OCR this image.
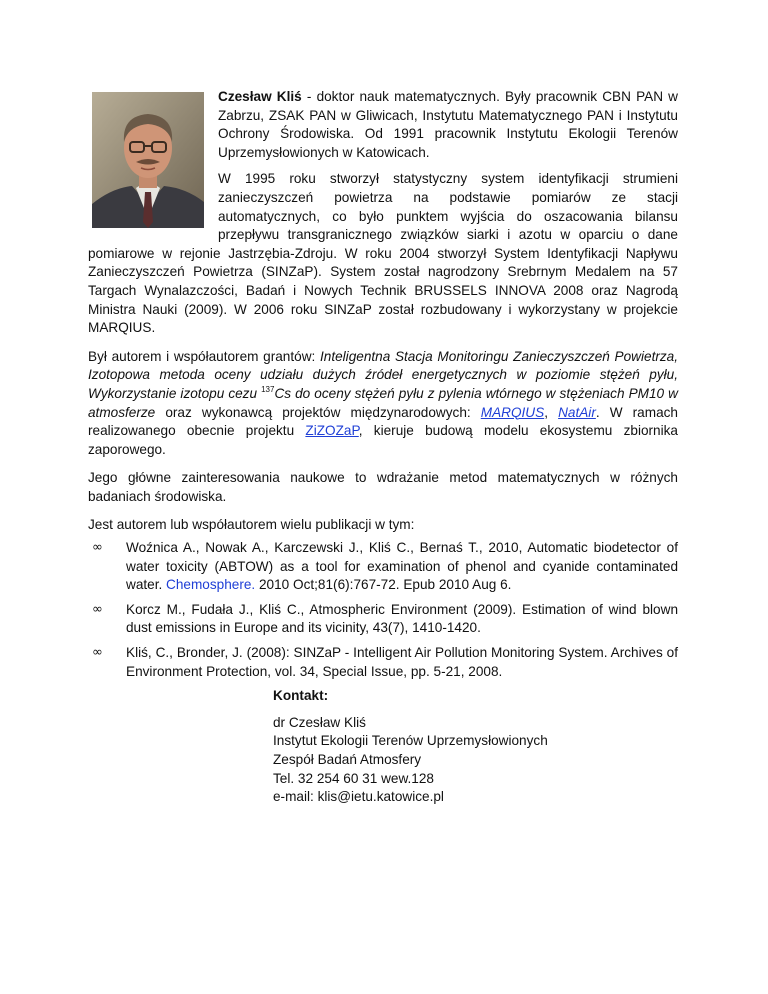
Czesław Kliś - doktor nauk matematycznych. Były pracownik CBN PAN w Zabrzu, ZSAK PAN w Gliwicach, Instytutu Matematycznego PAN i Instytutu Ochrony Środowiska. Od 1991 pracownik Instytutu Ekologii Terenów Uprzemysłowionych w Katowicach.

W 1995 roku stworzył statystyczny system identyfikacji strumieni zanieczyszczeń powietrza na podstawie pomiarów ze stacji automatycznych, co było punktem wyjścia do oszacowania bilansu przepływu transgranicznego związków siarki i azotu w oparciu o dane pomiarowe w rejonie Jastrzębia-Zdroju. W roku 2004 stworzył System Identyfikacji Napływu Zanieczyszczeń Powietrza (SINZaP). System został nagrodzony Srebrnym Medalem na 57 Targach Wynalazczości, Badań i Nowych Technik BRUSSELS INNOVA 2008 oraz Nagrodą Ministra Nauki (2009). W 2006 roku SINZaP został rozbudowany i wykorzystany w projekcie MARQIUS.

Był autorem i współautorem grantów: Inteligentna Stacja Monitoringu Zanieczyszczeń Powietrza, Izotopowa metoda oceny udziału dużych źródeł energetycznych w poziomie stężeń pyłu, Wykorzystanie izotopu cezu $^{137}$Cs do oceny stężeń pyłu z pylenia wtórnego w stężeniach PM10 w atmosferze oraz wykonawcą projektów międzynarodowych: MARQIUS, NatAir. W ramach realizowanego obecnie projektu ZiZOZaP, kieruje budową modelu ekosystemu zbiornika zaporowego.

Jego główne zainteresowania naukowe to wdrażanie metod matematycznych w różnych badaniach środowiska.

Jest autorem lub współautorem wielu publikacji w tym:

∞ Woźnica A., Nowak A., Karczewski J., Kliś C., Bernaś T., 2010, Automatic biodetector of water toxicity (ABTOW) as a tool for examination of phenol and cyanide contaminated water. Chemosphere. 2010 Oct;81(6):767-72. Epub 2010 Aug 6.
∞ Korcz M., Fudała J., Kliś C., Atmospheric Environment (2009). Estimation of wind blown dust emissions in Europe and its vicinity, 43(7), 1410-1420.
∞ Kliś, C., Bronder, J. (2008): SINZaP - Intelligent Air Pollution Monitoring System. Archives of Environment Protection, vol. 34, Special Issue, pp. 5-21, 2008.
Kontakt:
dr Czesław Kliś
Instytut Ekologii Terenów Uprzemysłowionych
Zespół Badań Atmosfery
Tel. 32 254 60 31 wew.128
e-mail: klis@ietu.katowice.pl
